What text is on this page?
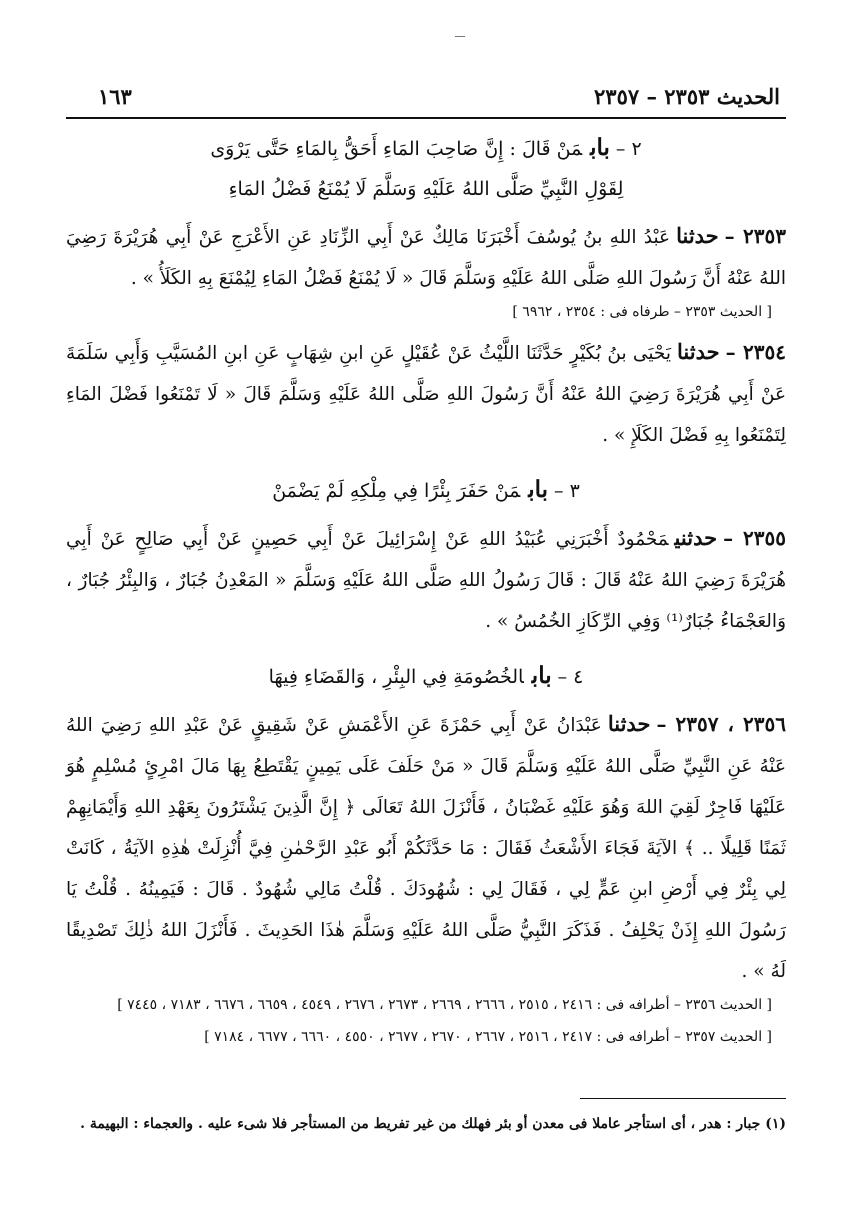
الحديث ٢٣٥٣ – ٢٣٥٧
١٦٣
٢ –بابمَنْ قَالَ : إِنَّ صَاحِبَ المَاءِ أَحَقُّ بِالمَاءِ حَتَّى يَرْوَى
لِقَوْلِ النَّبِيِّ صَلَّى اللهُ عَلَيْهِ وَسَلَّمَ لَا يُمْنَعُ فَضْلُ المَاءِ
٢٣٥٣ –حدثناعَبْدُ اللهِ بنُ يُوسُفَ أَخْبَرَنَا مَالِكٌ عَنْ أَبِي الزِّنَادِ عَنِ الأَعْرَجِ عَنْ أَبِي هُرَيْرَةَ رَضِيَ اللهُ عَنْهُ أَنَّ رَسُولَ اللهِ صَلَّى اللهُ عَلَيْهِ وَسَلَّمَ قَالَ « لَا يُمْنَعُ فَضْلُ المَاءِ لِيُمْنَعَ بِهِ الكَلَأُ » .
[ الحديث ٢٣٥٣ – طرفاه فى : ٢٣٥٤ ، ٦٩٦٢ ]
٢٣٥٤ –حدثنايَحْيَى بنُ بُكَيْرٍ حَدَّثَنَا اللَّيْثُ عَنْ عُقَيْلٍ عَنِ ابنِ شِهَابٍ عَنِ ابنِ المُسَيَّبِ وَأَبِي سَلَمَةَ عَنْ أَبِي هُرَيْرَةَ رَضِيَ اللهُ عَنْهُ أَنَّ رَسُولَ اللهِ صَلَّى اللهُ عَلَيْهِ وَسَلَّمَ قَالَ « لَا تَمْنَعُوا فَضْلَ المَاءِ لِتَمْنَعُوا بِهِ فَضْلَ الكَلَإِ » .
٣ –بابمَنْ حَفَرَ بِئْرًا فِي مِلْكِهِ لَمْ يَضْمَنْ
٢٣٥٥ –حدثنيمَحْمُودٌ أَخْبَرَنِي عُبَيْدُ اللهِ عَنْ إِسْرَائِيلَ عَنْ أَبِي حَصِينٍ عَنْ أَبِي صَالِحٍ عَنْ أَبِي هُرَيْرَةَ رَضِيَ اللهُ عَنْهُ قَالَ : قَالَ رَسُولُ اللهِ صَلَّى اللهُ عَلَيْهِ وَسَلَّمَ « المَعْدِنُ جُبَارٌ ، وَالبِئْرُ جُبَارٌ ، وَالعَجْمَاءُ جُبَارٌ⁽¹⁾ وَفِي الرِّكَازِ الخُمُسُ » .
٤ –بابالخُصُومَةِ فِي البِئْرِ ، وَالقَضَاءِ فِيهَا
٢٣٥٦ ، ٢٣٥٧ –حدثناعَبْدَانُ عَنْ أَبِي حَمْزَةَ عَنِ الأَعْمَشِ عَنْ شَقِيقٍ عَنْ عَبْدِ اللهِ رَضِيَ اللهُ عَنْهُ عَنِ النَّبِيِّ صَلَّى اللهُ عَلَيْهِ وَسَلَّمَ قَالَ « مَنْ حَلَفَ عَلَى يَمِينٍ يَقْتَطِعُ بِهَا مَالَ امْرِئٍ مُسْلِمٍ هُوَ عَلَيْهَا فَاجِرٌ لَقِيَ اللهَ وَهُوَ عَلَيْهِ غَضْبَانُ ، فَأَنْزَلَ اللهُ تَعَالَى ﴿ إِنَّ الَّذِينَ يَشْتَرُونَ بِعَهْدِ اللهِ وَأَيْمَانِهِمْ ثَمَنًا قَلِيلًا .. ﴾ الآيَةَ فَجَاءَ الأَشْعَثُ فَقَالَ : مَا حَدَّثَكُمْ أَبُو عَبْدِ الرَّحْمٰنِ فِيَّ أُنْزِلَتْ هٰذِهِ الآيَةُ ، كَانَتْ لِي بِئْرٌ فِي أَرْضِ ابنِ عَمٍّ لِي ، فَقَالَ لِي : شُهُودَكَ . قُلْتُ مَالِي شُهُودٌ . قَالَ : فَيَمِينُهُ . قُلْتُ يَا رَسُولَ اللهِ إِذَنْ يَحْلِفُ . فَذَكَرَ النَّبِيُّ صَلَّى اللهُ عَلَيْهِ وَسَلَّمَ هٰذَا الحَدِيثَ . فَأَنْزَلَ اللهُ ذٰلِكَ تَصْدِيقًا لَهُ » .
[ الحديث ٢٣٥٦ – أطرافه فى : ٢٤١٦ ، ٢٥١٥ ، ٢٦٦٦ ، ٢٦٦٩ ، ٢٦٧٣ ، ٢٦٧٦ ، ٤٥٤٩ ، ٦٦٥٩ ، ٦٦٧٦ ، ٧١٨٣ ، ٧٤٤٥ ]
[ الحديث ٢٣٥٧ – أطرافه فى : ٢٤١٧ ، ٢٥١٦ ، ٢٦٦٧ ، ٢٦٧٠ ، ٢٦٧٧ ، ٤٥٥٠ ، ٦٦٦٠ ، ٦٦٧٧ ، ٧١٨٤ ]
(١) جبار : هدر ، أى استأجر عاملا فى معدن أو بئر فهلك من غير تفريط من المستأجر فلا شىء عليه . والعجماء : البهيمة .
